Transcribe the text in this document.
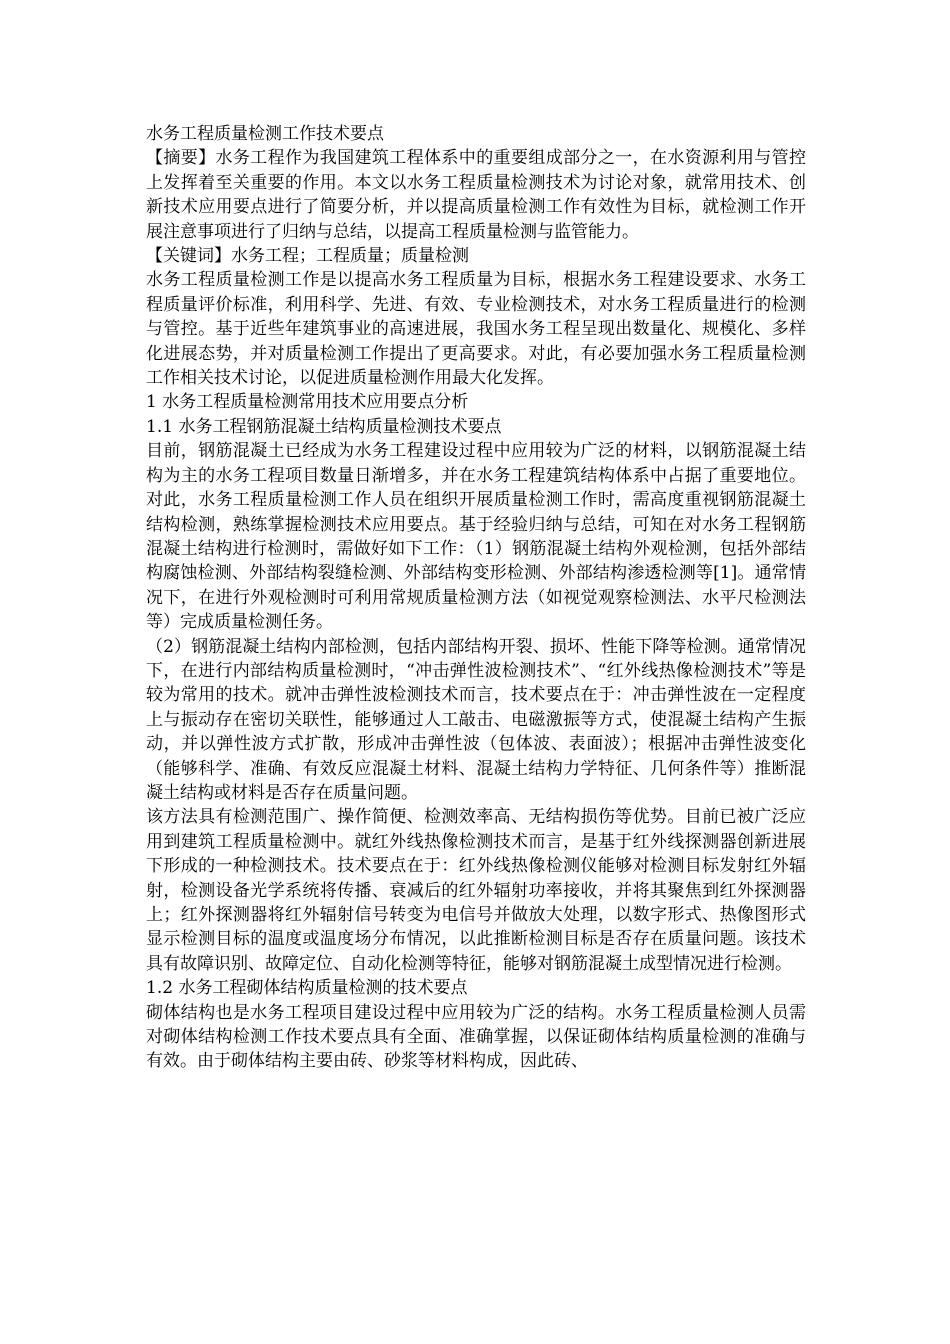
水务工程质量检测工作技术要点

【摘要】水务工程作为我国建筑工程体系中的重要组成部分之一，在水资源利用与管控上发挥着至关重要的作用。本文以水务工程质量检测技术为讨论对象，就常用技术、创新技术应用要点进行了简要分析，并以提高质量检测工作有效性为目标，就检测工作开展注意事项进行了归纳与总结，以提高工程质量检测与监管能力。

【关键词】水务工程；工程质量；质量检测

水务工程质量检测工作是以提高水务工程质量为目标，根据水务工程建设要求、水务工程质量评价标准，利用科学、先进、有效、专业检测技术，对水务工程质量进行的检测与管控。基于近些年建筑事业的高速进展，我国水务工程呈现出数量化、规模化、多样化进展态势，并对质量检测工作提出了更高要求。对此，有必要加强水务工程质量检测工作相关技术讨论，以促进质量检测作用最大化发挥。

1 水务工程质量检测常用技术应用要点分析

1.1 水务工程钢筋混凝土结构质量检测技术要点

目前，钢筋混凝土已经成为水务工程建设过程中应用较为广泛的材料，以钢筋混凝土结构为主的水务工程项目数量日渐增多，并在水务工程建筑结构体系中占据了重要地位。对此，水务工程质量检测工作人员在组织开展质量检测工作时，需高度重视钢筋混凝土结构检测，熟练掌握检测技术应用要点。基于经验归纳与总结，可知在对水务工程钢筋混凝土结构进行检测时，需做好如下工作：（1）钢筋混凝土结构外观检测，包括外部结构腐蚀检测、外部结构裂缝检测、外部结构变形检测、外部结构渗透检测等[1]。通常情况下，在进行外观检测时可利用常规质量检测方法（如视觉观察检测法、水平尺检测法等）完成质量检测任务。

（2）钢筋混凝土结构内部检测，包括内部结构开裂、损坏、性能下降等检测。通常情况下，在进行内部结构质量检测时，“冲击弹性波检测技术”、“红外线热像检测技术”等是较为常用的技术。就冲击弹性波检测技术而言，技术要点在于：冲击弹性波在一定程度上与振动存在密切关联性，能够通过人工敲击、电磁激振等方式，使混凝土结构产生振动，并以弹性波方式扩散，形成冲击弹性波（包体波、表面波）；根据冲击弹性波变化（能够科学、准确、有效反应混凝土材料、混凝土结构力学特征、几何条件等）推断混凝土结构或材料是否存在质量问题。

该方法具有检测范围广、操作简便、检测效率高、无结构损伤等优势。目前已被广泛应用到建筑工程质量检测中。就红外线热像检测技术而言，是基于红外线探测器创新进展下形成的一种检测技术。技术要点在于：红外线热像检测仪能够对检测目标发射红外辐射，检测设备光学系统将传播、衰减后的红外辐射功率接收，并将其聚焦到红外探测器上；红外探测器将红外辐射信号转变为电信号并做放大处理，以数字形式、热像图形式显示检测目标的温度或温度场分布情况，以此推断检测目标是否存在质量问题。该技术具有故障识别、故障定位、自动化检测等特征，能够对钢筋混凝土成型情况进行检测。

1.2 水务工程砌体结构质量检测的技术要点

砌体结构也是水务工程项目建设过程中应用较为广泛的结构。水务工程质量检测人员需对砌体结构检测工作技术要点具有全面、准确掌握，以保证砌体结构质量检测的准确与有效。由于砌体结构主要由砖、砂浆等材料构成，因此砖、
